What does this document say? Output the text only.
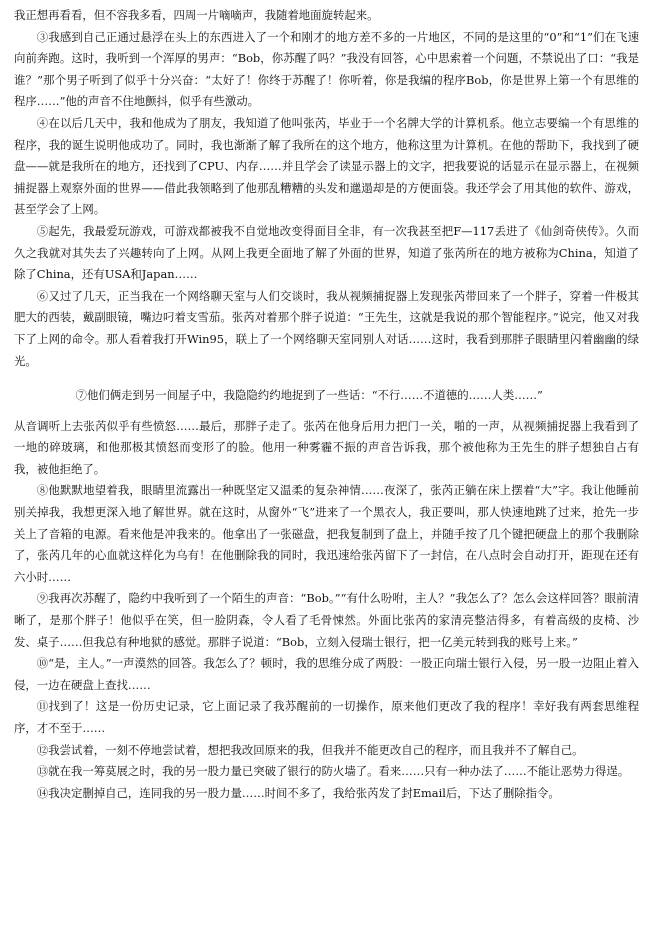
我正想再看看，但不容我多看，四周一片嘀嘀声，我随着地面旋转起来。

③我感到自己正通过悬浮在头上的东西进入了一个和刚才的地方差不多的一片地区，不同的是这里的“0”和“1”们在飞速向前奔跑。这时，我听到一个浑厚的男声：“Bob，你苏醒了吗？”我没有回答，心中思索着一个问题，不禁说出了口：“我是谁？”那个男子听到了似乎十分兴奋：“太好了！你终于苏醒了！你听着，你是我编的程序Bob，你是世界上第一个有思维的程序……”他的声音不住地颤抖，似乎有些激动。

④在以后几天中，我和他成为了朋友，我知道了他叫张芮，毕业于一个名牌大学的计算机系。他立志要编一个有思维的程序，我的诞生说明他成功了。同时，我也渐渐了解了我所在的这个地方，他称这里为计算机。在他的帮助下，我找到了硬盘——就是我所在的地方，还找到了CPU、内存……并且学会了读显示器上的文字，把我要说的话显示在显示器上，在视频捕捉器上观察外面的世界——借此我领略到了他那乱糟糟的头发和邋遢却是的方便面袋。我还学会了用其他的软件、游戏，甚至学会了上网。

⑤起先，我最爱玩游戏，可游戏都被我不自觉地改变得面目全非，有一次我甚至把F—117丢进了《仙剑奇侠传》。久而久之我就对其失去了兴趣转向了上网。从网上我更全面地了解了外面的世界，知道了张芮所在的地方被称为China，知道了除了China，还有USA和Japan……

⑥又过了几天，正当我在一个网络聊天室与人们交谈时，我从视频捕捉器上发现张芮带回来了一个胖子，穿着一件极其肥大的西装，戴副眼镜，嘴边叼着支雪茄。张芮对着那个胖子说道：“王先生，这就是我说的那个智能程序。”说完，他又对我下了上网的命令。那人看着我打开Win95，联上了一个网络聊天室同别人对话……这时，我看到那胖子眼睛里闪着幽幽的绿光。

⑦他们俩走到另一间屋子中，我隐隐约约地捉到了一些话：“不行……不道德的……人类……”

从音调听上去张芮似乎有些愤怒……最后，那胖子走了。张芮在他身后用力把门一关，啪的一声，从视频捕捉器上我看到了一地的碎玻璃，和他那极其愤怒而变形了的脸。他用一种雾霾不振的声音告诉我，那个被他称为王先生的胖子想独自占有我，被他拒绝了。

⑧他默默地望着我，眼睛里流露出一种既坚定又温柔的复杂神情……夜深了，张芮正躺在床上摆着“大”字。我让他睡前别关掉我，我想更深入地了解世界。就在这时，从窗外“飞”进来了一个黑衣人，我正要叫，那人快速地跳了过来，抢先一步关上了音箱的电源。看来他是冲我来的。他拿出了一张磁盘，把我复制到了盘上，并随手按了几个键把硬盘上的那个我删除了，张芮几年的心血就这样化为乌有！在他删除我的同时，我迅速给张芮留下了一封信，在八点时会自动打开，距现在还有六小时……

⑨我再次苏醒了，隐约中我听到了一个陌生的声音：“Bob。”“有什么吩咐，主人？”我怎么了？怎么会这样回答？眼前清晰了，是那个胖子！他似乎在笑，但一脸阴森，令人看了毛骨悚然。外面比张芮的家清亮整洁得多，有着高级的皮椅、沙发、桌子……但我总有种地狱的感觉。那胖子说道：“Bob，立刻入侵瑞士银行，把一亿美元转到我的账号上来。”

⑩“是，主人。”一声漠然的回答。我怎么了？顿时，我的思维分成了两股：一股正向瑞士银行入侵，另一股一边阻止着入侵，一边在硬盘上查找……

⑪找到了！这是一份历史记录，它上面记录了我苏醒前的一切操作，原来他们更改了我的程序！幸好我有两套思维程序，才不至于……

⑫我尝试着，一刻不停地尝试着，想把我改回原来的我，但我并不能更改自己的程序，而且我并不了解自己。

⑬就在我一筹莫展之时，我的另一股力量已突破了银行的防火墙了。看来……只有一种办法了……不能让恶势力得逞。

⑭我决定删掉自己，连同我的另一股力量……时间不多了，我给张芮发了封Email后，下达了删除指令。
